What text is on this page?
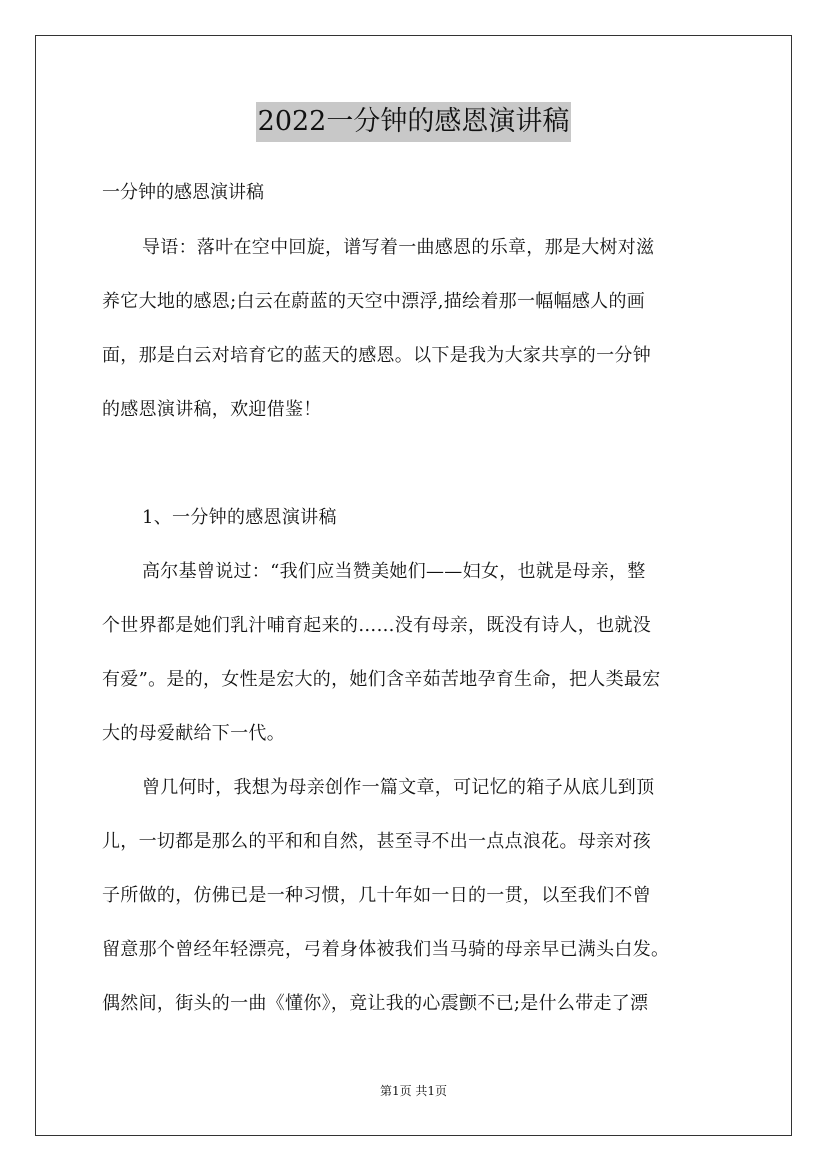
2022一分钟的感恩演讲稿
一分钟的感恩演讲稿
导语：落叶在空中回旋，谱写着一曲感恩的乐章，那是大树对滋
养它大地的感恩;白云在蔚蓝的天空中漂浮,描绘着那一幅幅感人的画
面，那是白云对培育它的蓝天的感恩。以下是我为大家共享的一分钟
的感恩演讲稿，欢迎借鉴！
1、一分钟的感恩演讲稿
高尔基曾说过：“我们应当赞美她们——妇女，也就是母亲，整
个世界都是她们乳汁哺育起来的……没有母亲，既没有诗人，也就没
有爱”。是的，女性是宏大的，她们含辛茹苦地孕育生命，把人类最宏
大的母爱献给下一代。
曾几何时，我想为母亲创作一篇文章，可记忆的箱子从底儿到顶
儿，一切都是那么的平和和自然，甚至寻不出一点点浪花。母亲对孩
子所做的，仿佛已是一种习惯，几十年如一日的一贯，以至我们不曾
留意那个曾经年轻漂亮，弓着身体被我们当马骑的母亲早已满头白发。
偶然间，街头的一曲《懂你》，竟让我的心震颤不已;是什么带走了漂
第1页 共1页
